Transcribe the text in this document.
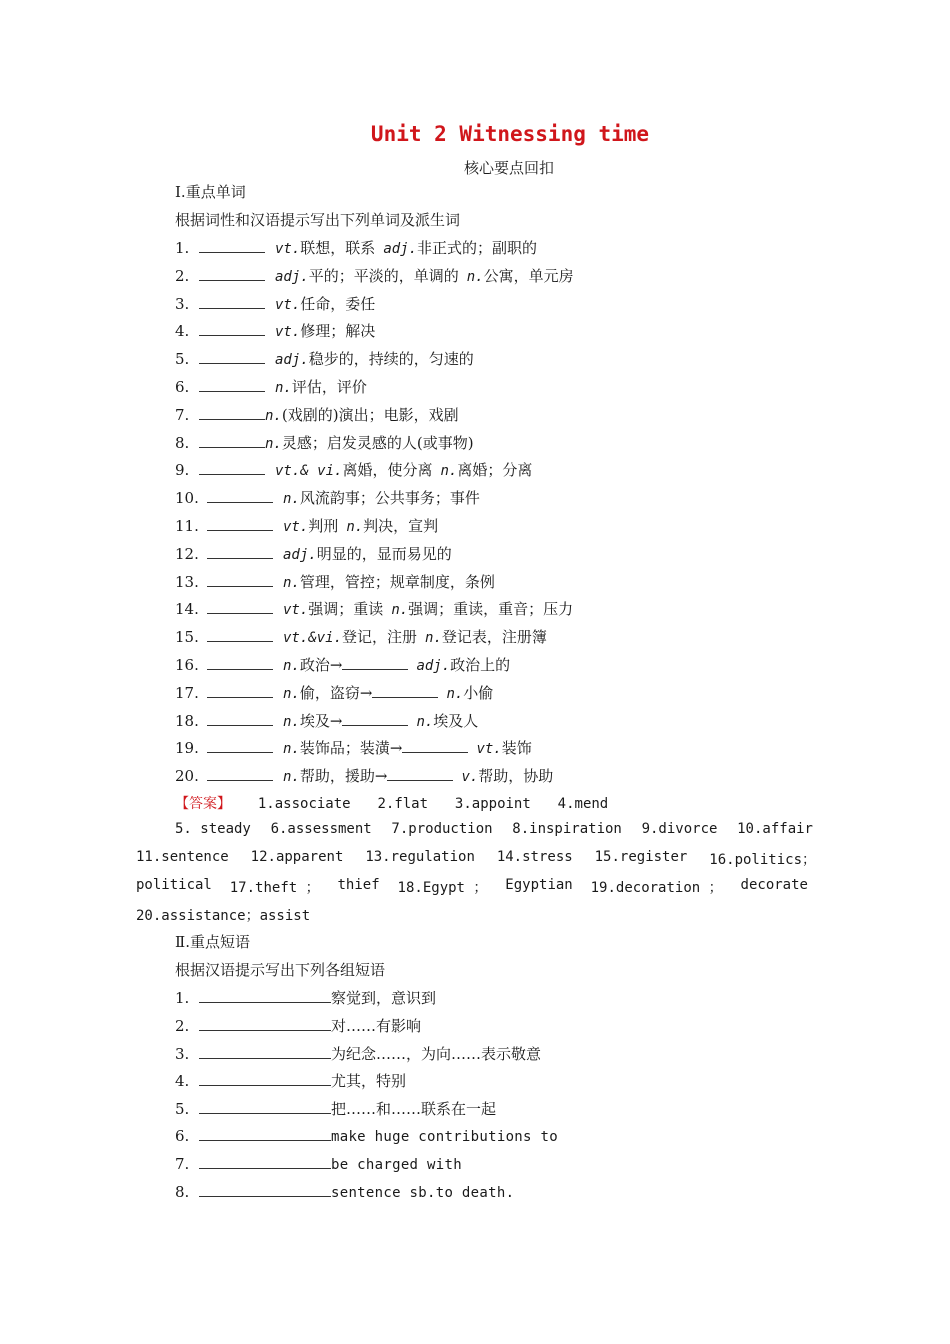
Unit 2 Witnessing time
核心要点回扣
Ⅰ.重点单词
根据词性和汉语提示写出下列单词及派生词
1.	vt.联想，联系 adj.非正式的；副职的
2.	adj.平的；平淡的，单调的 n.公寓，单元房
3.	vt.任命，委任
4.	vt.修理；解决
5.	adj.稳步的，持续的，匀速的
6.	n.评估，评价
7.	n.(戏剧的)演出；电影，戏剧
8.	n.灵感；启发灵感的人(或事物)
9.	vt.& vi.离婚，使分离 n.离婚；分离
10.	n.风流韵事；公共事务；事件
11.	vt.判刑 n.判决，宣判
12.	adj.明显的，显而易见的
13.	n.管理，管控；规章制度，条例
14.	vt.强调；重读 n.强调；重读，重音；压力
15.	vt.&vi.登记，注册 n.登记表，注册簿
16.	n.政治→	adj.政治上的
17.	n.偷，盗窃→	n.小偷
18.	n.埃及→	n.埃及人
19.	n.装饰品；装潢→	vt.装饰
20.	n.帮助，援助→	v.帮助，协助
【答案】 1.associate 2.flat 3.appoint 4.mend
5. steady 6.assessment 7.production 8.inspiration 9.divorce 10.affair
11.sentence 12.apparent 13.regulation 14.stress 15.register 16.politics；
political 17.theft ； thief 18.Egypt ； Egyptian 19.decoration ； decorate
20.assistance；assist
Ⅱ.重点短语
根据汉语提示写出下列各组短语
1.	察觉到，意识到
2.	对……有影响
3.	为纪念……，为向……表示敬意
4.	尤其，特别
5.	把……和……联系在一起
6.	make huge contributions to
7.	be charged with
8.	sentence sb.to death.
